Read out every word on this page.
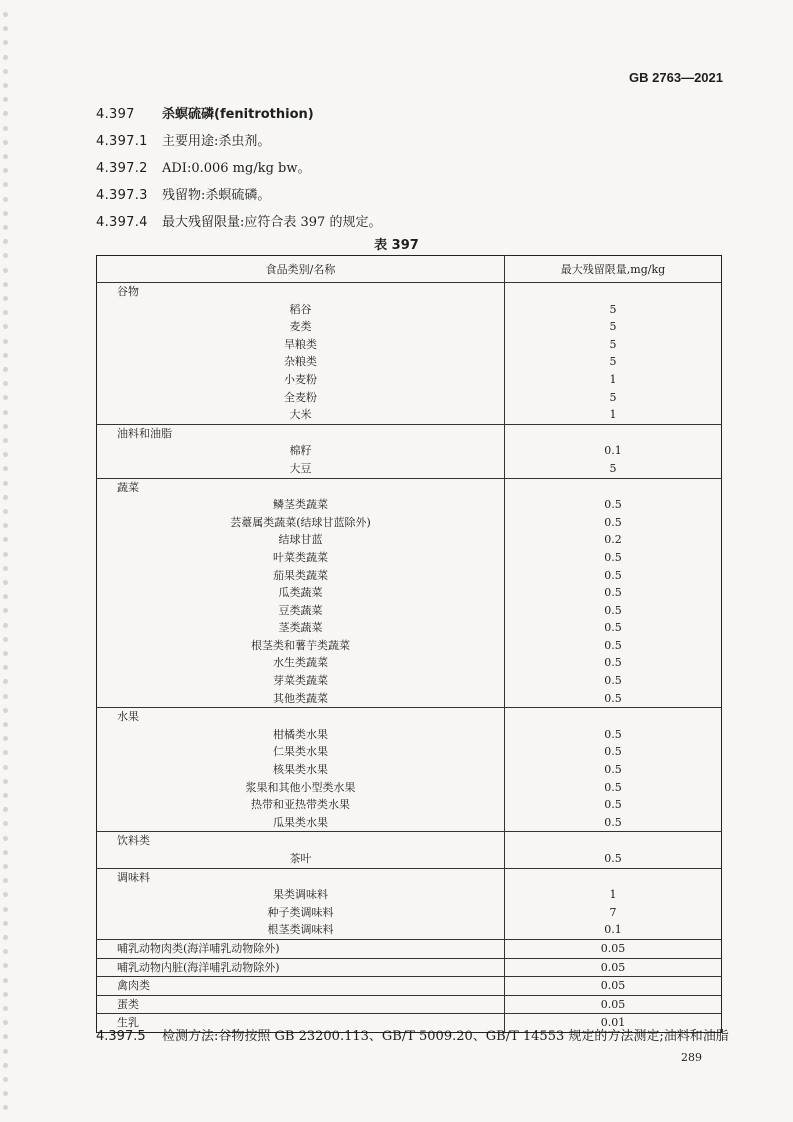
GB 2763—2021
4.397 杀螟硫磷(fenitrothion)
4.397.1 主要用途:杀虫剂。
4.397.2 ADI:0.006 mg/kg bw。
4.397.3 残留物:杀螟硫磷。
4.397.4 最大残留限量:应符合表 397 的规定。
表 397
食品类别/名称	最大残留限量,mg/kg
谷物	
稻谷	5
麦类	5
旱粮类	5
杂粮类	5
小麦粉	1
全麦粉	5
大米	1
油料和油脂	
棉籽	0.1
大豆	5
蔬菜	
鳞茎类蔬菜	0.5
芸薹属类蔬菜(结球甘蓝除外)	0.5
结球甘蓝	0.2
叶菜类蔬菜	0.5
茄果类蔬菜	0.5
瓜类蔬菜	0.5
豆类蔬菜	0.5
茎类蔬菜	0.5
根茎类和薯芋类蔬菜	0.5
水生类蔬菜	0.5
芽菜类蔬菜	0.5
其他类蔬菜	0.5
水果	
柑橘类水果	0.5
仁果类水果	0.5
核果类水果	0.5
浆果和其他小型类水果	0.5
热带和亚热带类水果	0.5
瓜果类水果	0.5
饮料类	
茶叶	0.5
调味料	
果类调味料	1
种子类调味料	7
根茎类调味料	0.1
哺乳动物肉类(海洋哺乳动物除外)	0.05
哺乳动物内脏(海洋哺乳动物除外)	0.05
禽肉类	0.05
蛋类	0.05
生乳	0.01
4.397.5 检测方法:谷物按照 GB 23200.113、GB/T 5009.20、GB/T 14553 规定的方法测定;油料和油脂
289
